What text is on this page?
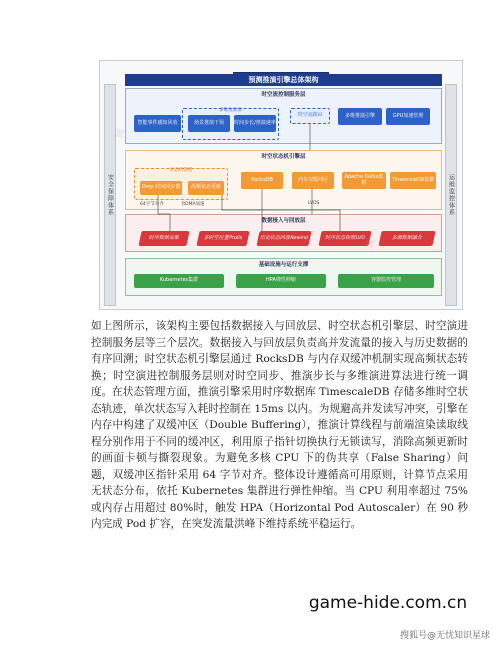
预测推演引擎总体架构
安全保障体系	运维监控体系
时空流控制服务层
多维度推演
智能事件感知回放	场景推演干预	时间步长/推演速率
时空流路由	多维推演引擎	GPU加速管理
时空状态机引擎层
状态机管理
Drop 时间同步器	高频状态更新
RocksDB	内存双缓冲区	Apache Kafka集群	TimescaleDB集群
64字节对齐	RDMA加速	LVDS
数据接入与回放层
时序数据采集	多时空位置Prolis	历史状态回放Rewind	时序状态快照LVD	多源数据融合
基础设施与运行支撑
Kubernetes集群	HPA弹性伸缩	容器监控管理

如上图所示，该架构主要包括数据接入与回放层、时空状态机引擎层、时空演进控制服务层等三个层次。数据接入与回放层负责高并发流量的接入与历史数据的有序回溯；时空状态机引擎层通过 RocksDB 与内存双缓冲机制实现高频状态转换；时空演进控制服务层则对时空同步、推演步长与多维演进算法进行统一调度。 在状态管理方面，推演引擎采用时序数据库 TimescaleDB 存储多维时空状态轨迹，单次状态写入耗时控制在 15ms 以内。为规避高并发读写冲突，引擎在内存中构建了双缓冲区（Double Buffering），推演计算线程与前端渲染读取线程分别作用于不同的缓冲区，利用原子指针切换执行无锁读写，消除高频更新时的画面卡顿与撕裂现象。为避免多核 CPU 下的伪共享（False Sharing）问题，双缓冲区指针采用 64 字节对齐。整体设计遵循高可用原则，计算节点采用无状态分布，依托 Kubernetes 集群进行弹性伸缩。当 CPU 利用率超过 75%或内存占用超过 80%时，触发 HPA（Horizontal Pod Autoscaler）在 90 秒内完成 Pod 扩容，在突发流量洪峰下维持系统平稳运行。

game-hide.com.cn
搜狐号@无忧知识星球
